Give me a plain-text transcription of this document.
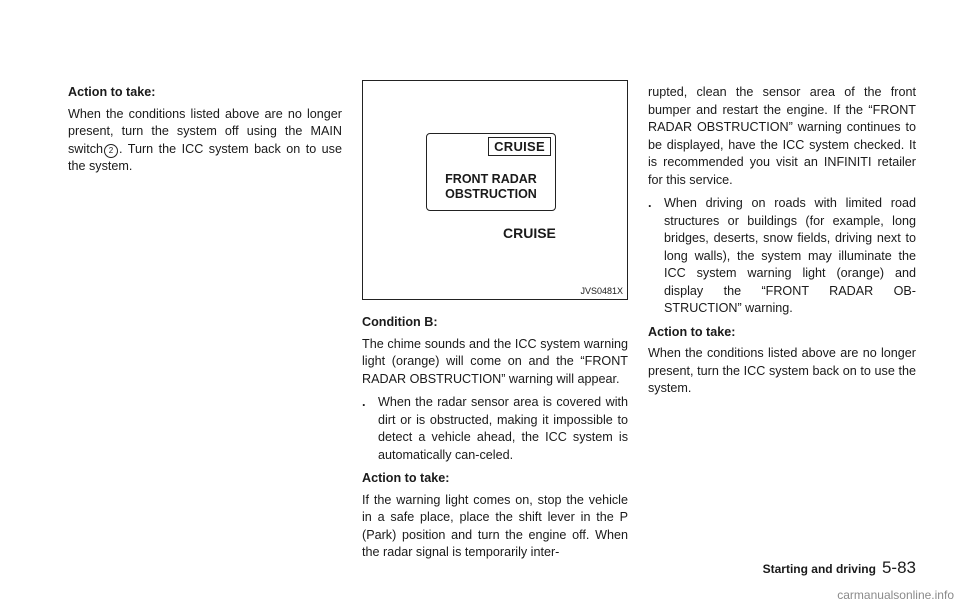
Action to take:

When the conditions listed above are no longer present, turn the system off using the MAIN switch 2 . Turn the ICC system back on to use the system.

CRUISE
FRONT RADAR
OBSTRUCTION
CRUISE
JVS0481X

Condition B:

The chime sounds and the ICC system warning light (orange) will come on and the “FRONT RADAR OBSTRUCTION” warning will appear.

. When the radar sensor area is covered with dirt or is obstructed, making it impossible to detect a vehicle ahead, the ICC system is automatically can-celed.

Action to take:

If the warning light comes on, stop the vehicle in a safe place, place the shift lever in the P (Park) position and turn the engine off. When the radar signal is temporarily inter-

rupted, clean the sensor area of the front bumper and restart the engine. If the “FRONT RADAR OBSTRUCTION” warning continues to be displayed, have the ICC system checked. It is recommended you visit an INFINITI retailer for this service.

. When driving on roads with limited road structures or buildings (for example, long bridges, deserts, snow fields, driving next to long walls), the system may illuminate the ICC system warning light (orange) and display the “FRONT RADAR OB-STRUCTION” warning.

Action to take:

When the conditions listed above are no longer present, turn the ICC system back on to use the system.

Starting and driving 5-83
carmanualsonline.info
